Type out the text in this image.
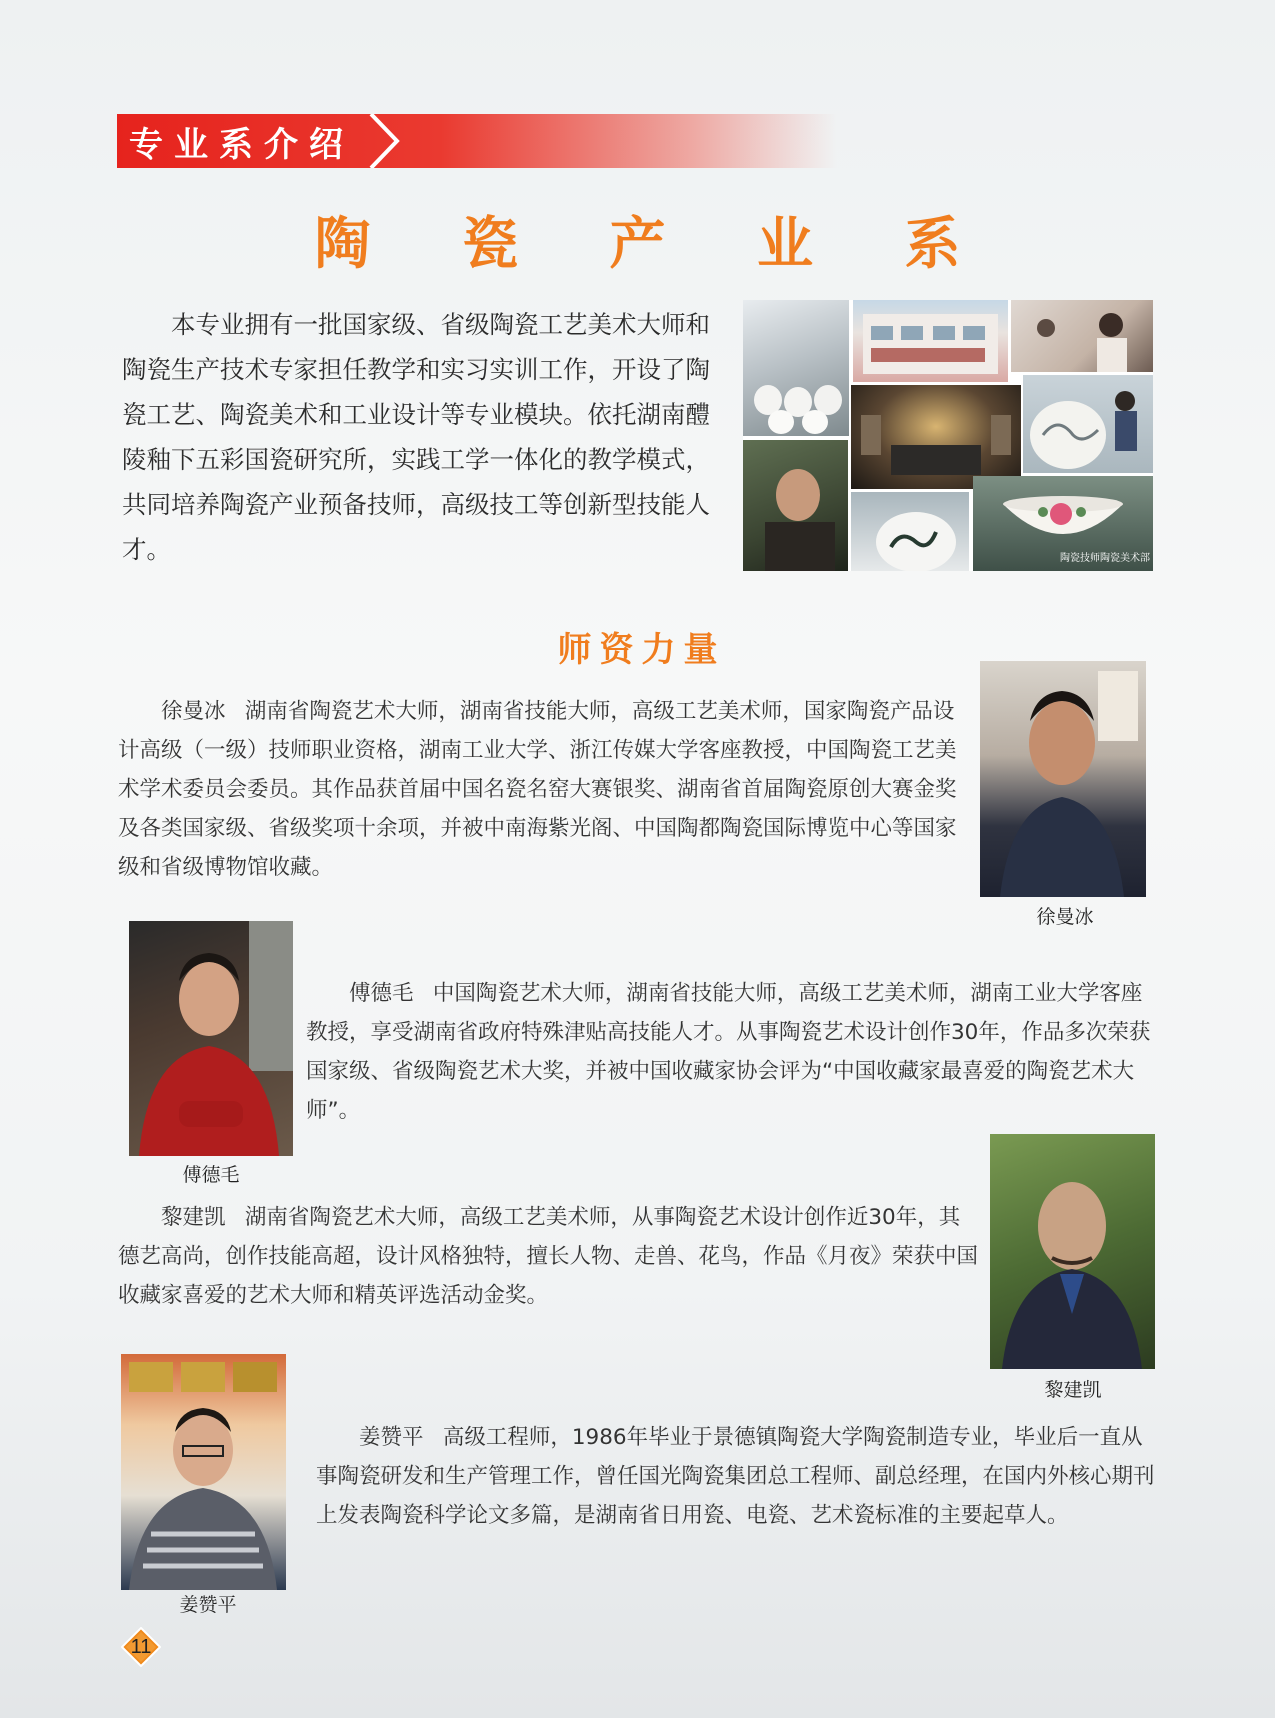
专业系介绍
陶 瓷 产 业 系

本专业拥有一批国家级、省级陶瓷工艺美术大师和陶瓷生产技术专家担任教学和实习实训工作，开设了陶瓷工艺、陶瓷美术和工业设计等专业模块。依托湖南醴陵釉下五彩国瓷研究所，实践工学一体化的教学模式，共同培养陶瓷产业预备技师，高级技工等创新型技能人才。	陶瓷技师陶瓷美术部
师资力量

徐曼冰 湖南省陶瓷艺术大师，湖南省技能大师，高级工艺美术师，国家陶瓷产品设计高级（一级）技师职业资格，湖南工业大学、浙江传媒大学客座教授，中国陶瓷工艺美术学术委员会委员。其作品获首届中国名瓷名窑大赛银奖、湖南省首届陶瓷原创大赛金奖及各类国家级、省级奖项十余项，并被中南海紫光阁、中国陶都陶瓷国际博览中心等国家级和省级博物馆收藏。

徐曼冰

傅德毛 中国陶瓷艺术大师，湖南省技能大师，高级工艺美术师，湖南工业大学客座教授，享受湖南省政府特殊津贴高技能人才。从事陶瓷艺术设计创作30年，作品多次荣获国家级、省级陶瓷艺术大奖，并被中国收藏家协会评为“中国收藏家最喜爱的陶瓷艺术大师”。

傅德毛

黎建凯 湖南省陶瓷艺术大师，高级工艺美术师，从事陶瓷艺术设计创作近30年，其德艺高尚，创作技能高超，设计风格独特，擅长人物、走兽、花鸟，作品《月夜》荣获中国收藏家喜爱的艺术大师和精英评选活动金奖。

黎建凯

姜赞平 高级工程师，1986年毕业于景德镇陶瓷大学陶瓷制造专业，毕业后一直从事陶瓷研发和生产管理工作，曾任国光陶瓷集团总工程师、副总经理，在国内外核心期刊上发表陶瓷科学论文多篇，是湖南省日用瓷、电瓷、艺术瓷标准的主要起草人。

姜赞平
11
